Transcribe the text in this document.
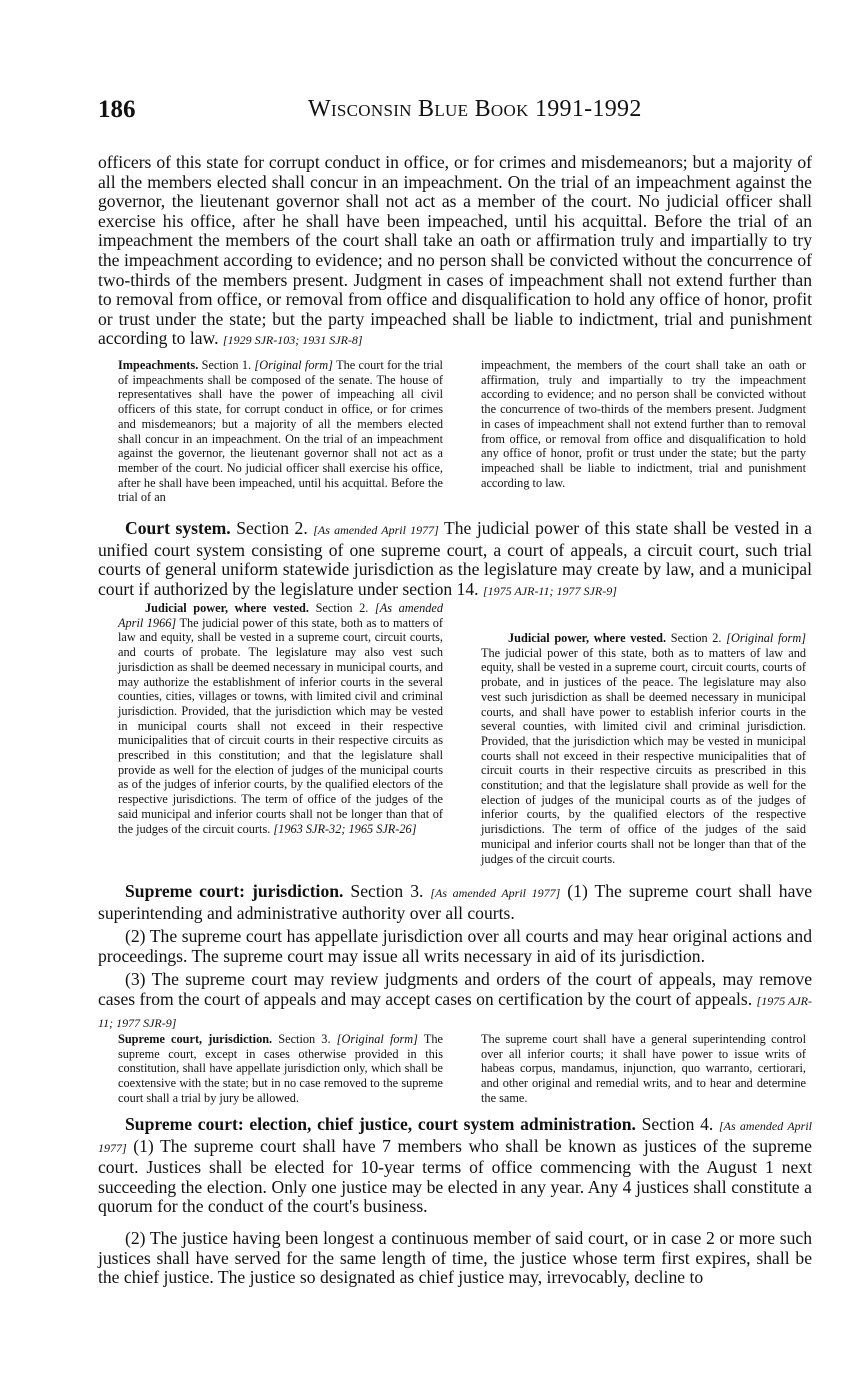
186	Wisconsin Blue Book 1991-1992

officers of this state for corrupt conduct in office, or for crimes and misdemeanors; but a majority of all the members elected shall concur in an impeachment. On the trial of an impeachment against the governor, the lieutenant governor shall not act as a member of the court. No judicial officer shall exercise his office, after he shall have been impeached, until his acquittal. Before the trial of an impeachment the members of the court shall take an oath or affirmation truly and impartially to try the impeachment according to evidence; and no person shall be convicted without the concurrence of two-thirds of the members present. Judgment in cases of impeachment shall not extend further than to removal from office, or removal from office and disqualification to hold any office of honor, profit or trust under the state; but the party impeached shall be liable to indictment, trial and punishment according to law. [1929 SJR-103; 1931 SJR-8]

Impeachments. Section 1. [Original form] The court for the trial of impeachments shall be composed of the senate. The house of representatives shall have the power of impeaching all civil officers of this state, for corrupt conduct in office, or for crimes and misdemeanors; but a majority of all the members elected shall concur in an impeachment. On the trial of an impeachment against the governor, the lieutenant governor shall not act as a member of the court. No judicial officer shall exercise his office, after he shall have been impeached, until his acquittal. Before the trial of an

impeachment, the members of the court shall take an oath or affirmation, truly and impartially to try the impeachment according to evidence; and no person shall be convicted without the concurrence of two-thirds of the members present. Judgment in cases of impeachment shall not extend further than to removal from office, or removal from office and disqualification to hold any office of honor, profit or trust under the state; but the party impeached shall be liable to indictment, trial and punishment according to law.

Court system. Section 2. [As amended April 1977] The judicial power of this state shall be vested in a unified court system consisting of one supreme court, a court of appeals, a circuit court, such trial courts of general uniform statewide jurisdiction as the legislature may create by law, and a municipal court if authorized by the legislature under section 14. [1975 AJR-11; 1977 SJR-9]

Judicial power, where vested. Section 2. [As amended April 1966] The judicial power of this state, both as to matters of law and equity, shall be vested in a supreme court, circuit courts, and courts of probate. The legislature may also vest such jurisdiction as shall be deemed necessary in municipal courts, and may authorize the establishment of inferior courts in the several counties, cities, villages or towns, with limited civil and criminal jurisdiction. Provided, that the jurisdiction which may be vested in municipal courts shall not exceed in their respective municipalities that of circuit courts in their respective circuits as prescribed in this constitution; and that the legislature shall provide as well for the election of judges of the municipal courts as of the judges of inferior courts, by the qualified electors of the respective jurisdictions. The term of office of the judges of the said municipal and inferior courts shall not be longer than that of the judges of the circuit courts. [1963 SJR-32; 1965 SJR-26]

Judicial power, where vested. Section 2. [Original form] The judicial power of this state, both as to matters of law and equity, shall be vested in a supreme court, circuit courts, courts of probate, and in justices of the peace. The legislature may also vest such jurisdiction as shall be deemed necessary in municipal courts, and shall have power to establish inferior courts in the several counties, with limited civil and criminal jurisdiction. Provided, that the jurisdiction which may be vested in municipal courts shall not exceed in their respective municipalities that of circuit courts in their respective circuits as prescribed in this constitution; and that the legislature shall provide as well for the election of judges of the municipal courts as of the judges of inferior courts, by the qualified electors of the respective jurisdictions. The term of office of the judges of the said municipal and inferior courts shall not be longer than that of the judges of the circuit courts.

Supreme court: jurisdiction. Section 3. [As amended April 1977] (1) The supreme court shall have superintending and administrative authority over all courts.

(2) The supreme court has appellate jurisdiction over all courts and may hear original actions and proceedings. The supreme court may issue all writs necessary in aid of its jurisdiction.

(3) The supreme court may review judgments and orders of the court of appeals, may remove cases from the court of appeals and may accept cases on certification by the court of appeals. [1975 AJR-11; 1977 SJR-9]

Supreme court, jurisdiction. Section 3. [Original form] The supreme court, except in cases otherwise provided in this constitution, shall have appellate jurisdiction only, which shall be coextensive with the state; but in no case removed to the supreme court shall a trial by jury be allowed.

The supreme court shall have a general superintending control over all inferior courts; it shall have power to issue writs of habeas corpus, mandamus, injunction, quo warranto, certiorari, and other original and remedial writs, and to hear and determine the same.

Supreme court: election, chief justice, court system administration. Section 4. [As amended April 1977] (1) The supreme court shall have 7 members who shall be known as justices of the supreme court. Justices shall be elected for 10-year terms of office commencing with the August 1 next succeeding the election. Only one justice may be elected in any year. Any 4 justices shall constitute a quorum for the conduct of the court's business.

(2) The justice having been longest a continuous member of said court, or in case 2 or more such justices shall have served for the same length of time, the justice whose term first expires, shall be the chief justice. The justice so designated as chief justice may, irrevocably, decline to
